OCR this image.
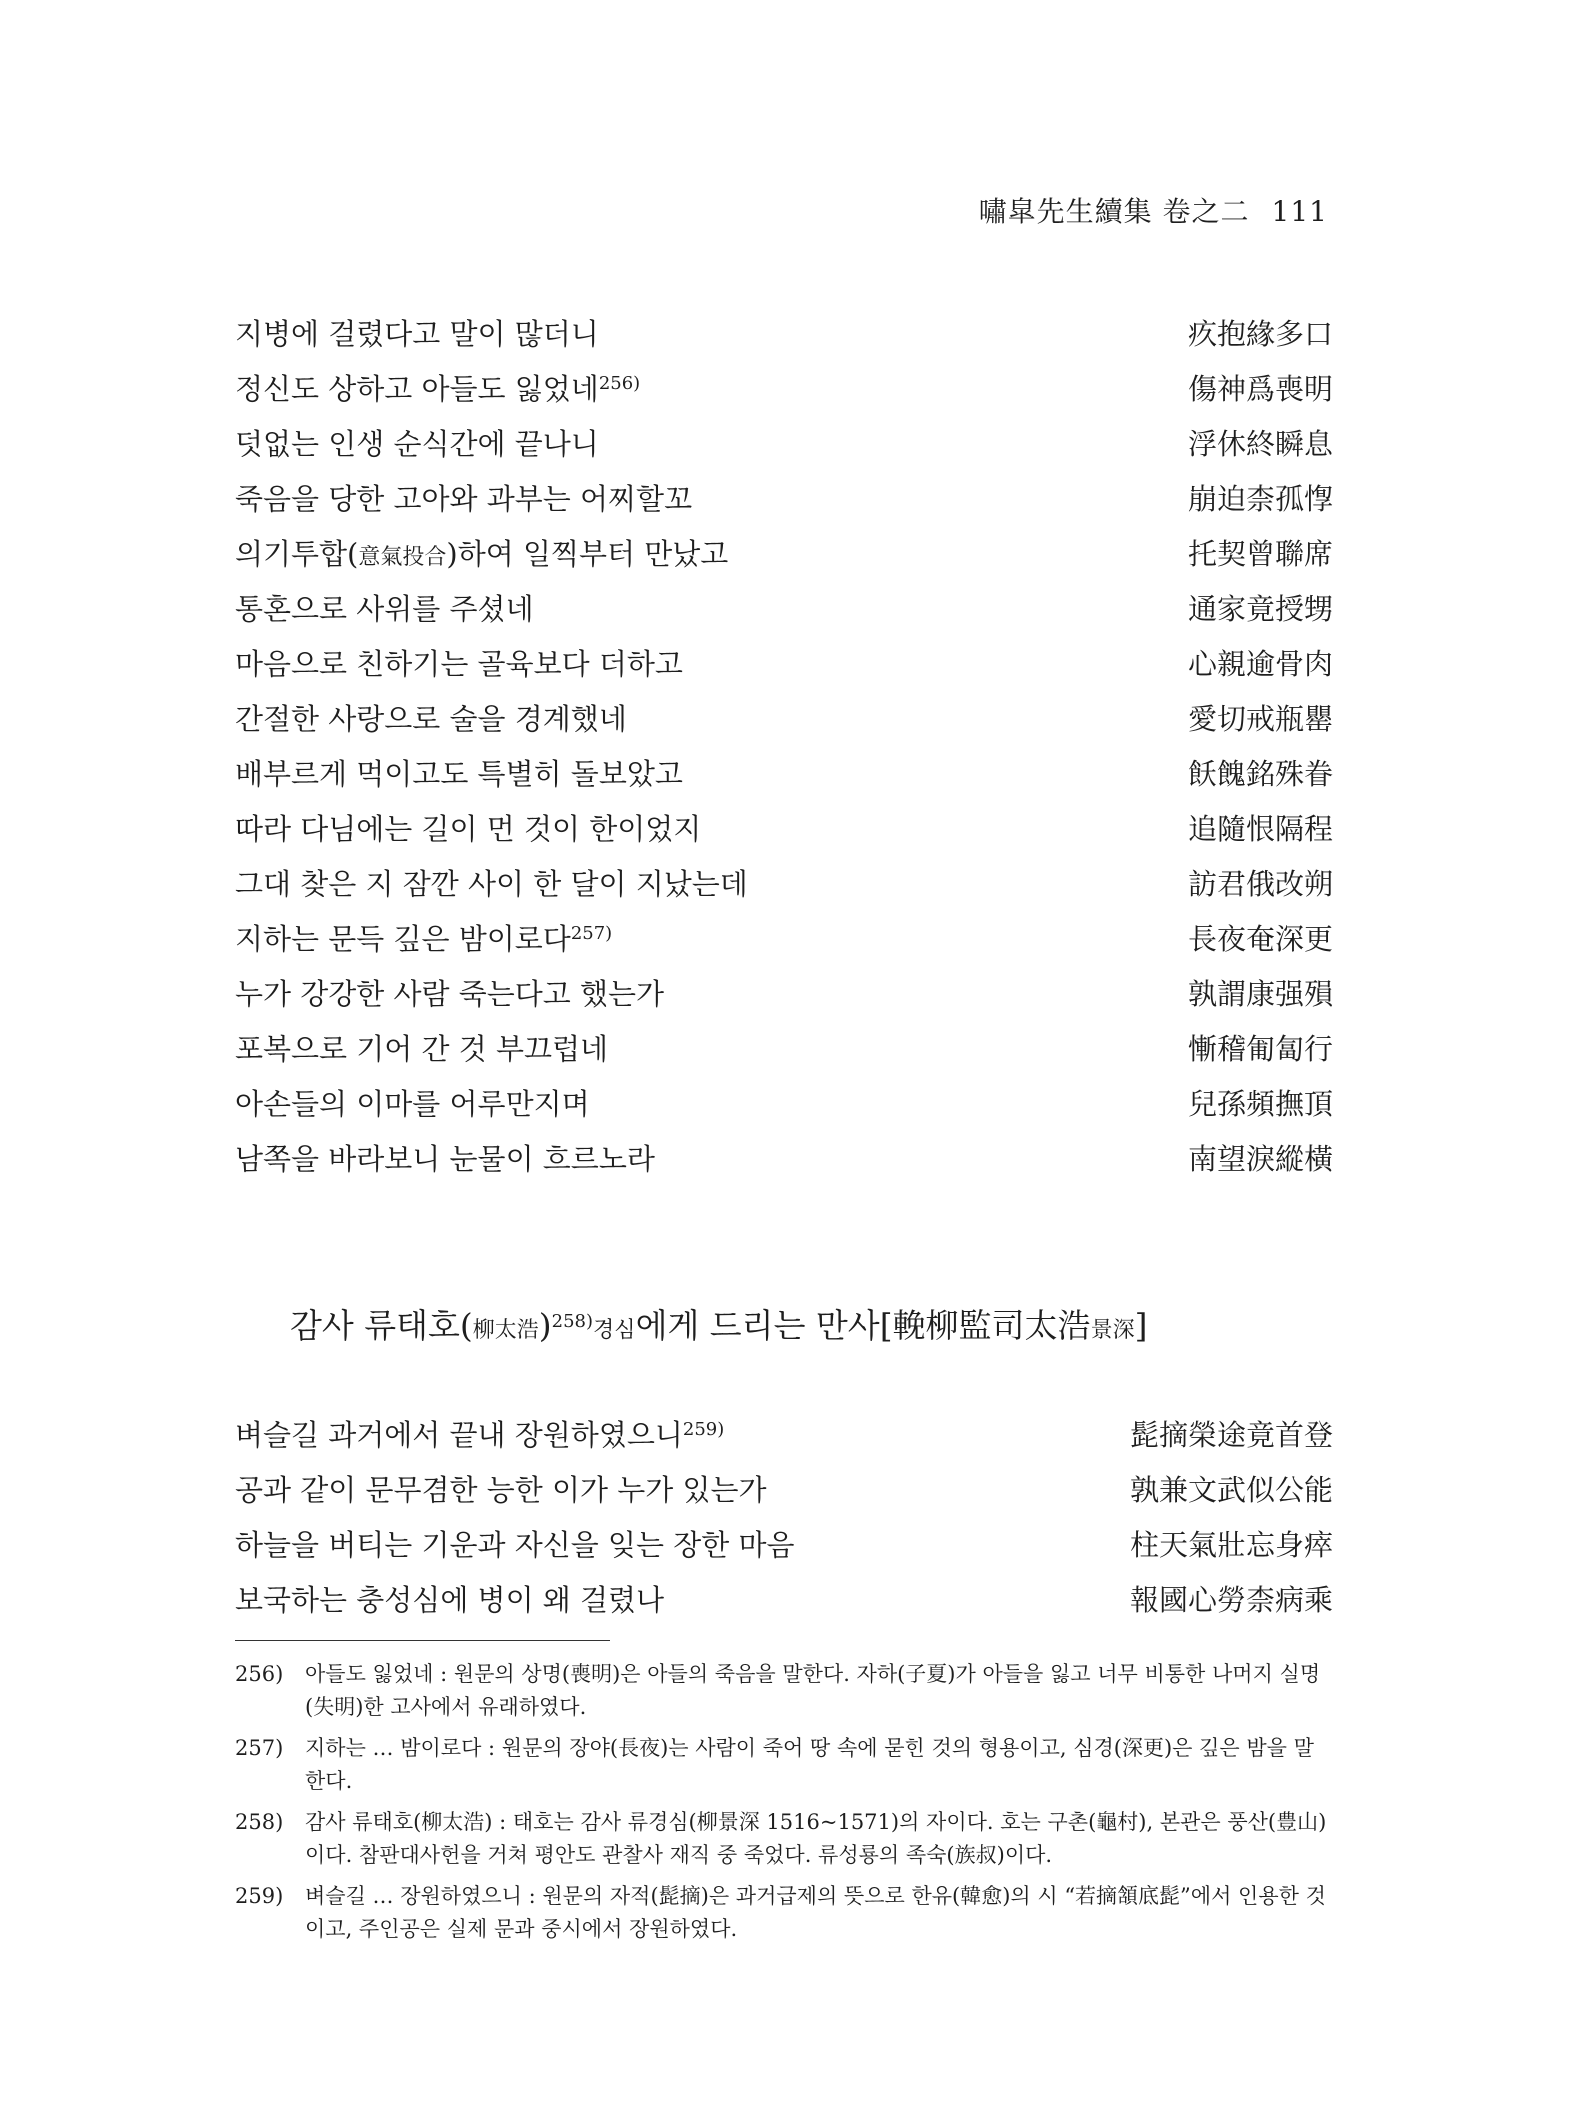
嘯皐先生續集 卷之二 111
지병에 걸렸다고 말이 많더니	疚抱緣多口
정신도 상하고 아들도 잃었네$^{256)}$	傷神爲喪明
덧없는 인생 순식간에 끝나니	浮休終瞬息
죽음을 당한 고아와 과부는 어찌할꼬	崩迫柰孤惸
의기투합(意氣投合)하여 일찍부터 만났고	托契曾聯席
통혼으로 사위를 주셨네	通家竟授甥
마음으로 친하기는 골육보다 더하고	心親逾骨肉
간절한 사랑으로 술을 경계했네	愛切戒瓶罌
배부르게 먹이고도 특별히 돌보았고	飫餽銘殊眷
따라 다님에는 길이 먼 것이 한이었지	追隨恨隔程
그대 찾은 지 잠깐 사이 한 달이 지났는데	訪君俄改朔
지하는 문득 깊은 밤이로다$^{257)}$	長夜奄深更
누가 강강한 사람 죽는다고 했는가	孰謂康强殞
포복으로 기어 간 것 부끄럽네	慚稽匍匐行
아손들의 이마를 어루만지며	兒孫頻撫頂
남쪽을 바라보니 눈물이 흐르노라	南望淚縱橫
감사 류태호(柳太浩)$^{258)}$경심에게 드리는 만사[輓柳監司太浩景深]
벼슬길 과거에서 끝내 장원하였으니$^{259)}$	髭摘榮途竟首登
공과 같이 문무겸한 능한 이가 누가 있는가	孰兼文武似公能
하늘을 버티는 기운과 자신을 잊는 장한 마음	柱天氣壯忘身瘁
보국하는 충성심에 병이 왜 걸렸나	報國心勞柰病乘
256)	아들도 잃었네 : 원문의 상명(喪明)은 아들의 죽음을 말한다. 자하(子夏)가 아들을 잃고 너무 비통한 나머지 실명(失明)한 고사에서 유래하였다.
257)	지하는 … 밤이로다 : 원문의 장야(長夜)는 사람이 죽어 땅 속에 묻힌 것의 형용이고, 심경(深更)은 깊은 밤을 말한다.
258)	감사 류태호(柳太浩) : 태호는 감사 류경심(柳景深 1516~1571)의 자이다. 호는 구촌(龜村), 본관은 풍산(豊山)이다. 참판대사헌을 거쳐 평안도 관찰사 재직 중 죽었다. 류성룡의 족숙(族叔)이다.
259)	벼슬길 … 장원하였으니 : 원문의 자적(髭摘)은 과거급제의 뜻으로 한유(韓愈)의 시 “若摘頷底髭”에서 인용한 것이고, 주인공은 실제 문과 중시에서 장원하였다.
